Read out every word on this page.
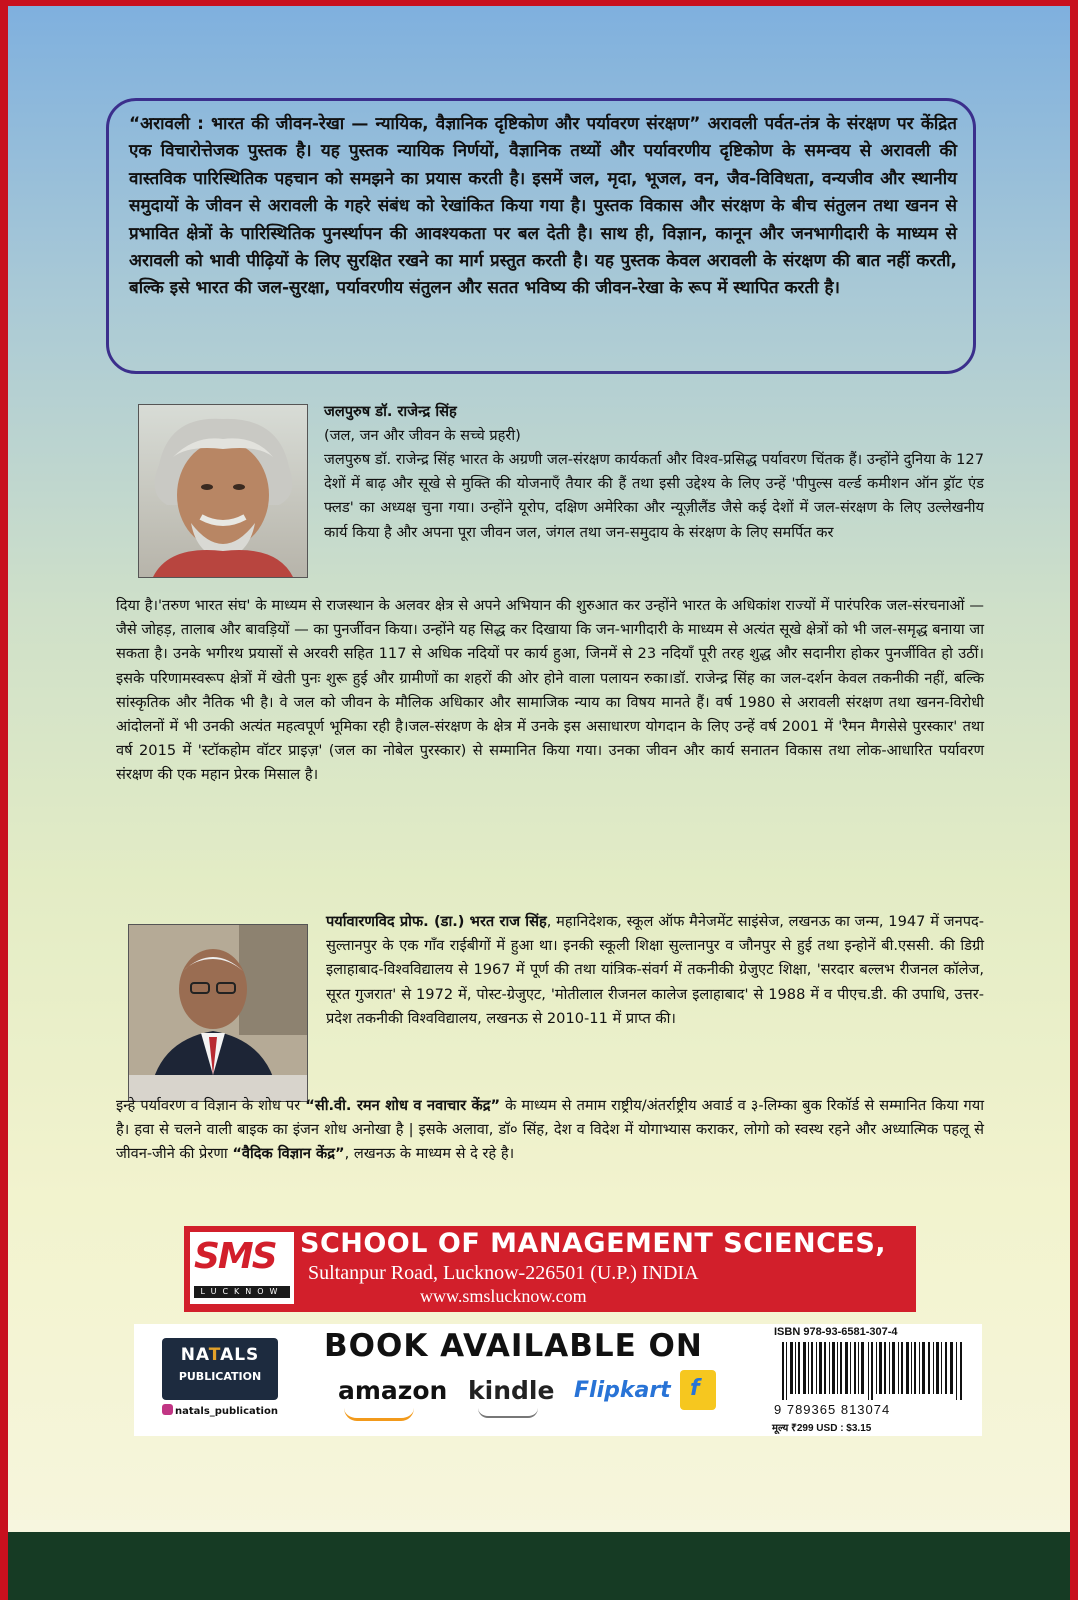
“अरावली : भारत की जीवन-रेखा — न्यायिक, वैज्ञानिक दृष्टिकोण और पर्यावरण संरक्षण” अरावली पर्वत-तंत्र के संरक्षण पर केंद्रित एक विचारोत्तेजक पुस्तक है। यह पुस्तक न्यायिक निर्णयों, वैज्ञानिक तथ्यों और पर्यावरणीय दृष्टिकोण के समन्वय से अरावली की वास्तविक पारिस्थितिक पहचान को समझने का प्रयास करती है। इसमें जल, मृदा, भूजल, वन, जैव-विविधता, वन्यजीव और स्थानीय समुदायों के जीवन से अरावली के गहरे संबंध को रेखांकित किया गया है। पुस्तक विकास और संरक्षण के बीच संतुलन तथा खनन से प्रभावित क्षेत्रों के पारिस्थितिक पुनर्स्थापन की आवश्यकता पर बल देती है। साथ ही, विज्ञान, कानून और जनभागीदारी के माध्यम से अरावली को भावी पीढ़ियों के लिए सुरक्षित रखने का मार्ग प्रस्तुत करती है। यह पुस्तक केवल अरावली के संरक्षण की बात नहीं करती, बल्कि इसे भारत की जल-सुरक्षा, पर्यावरणीय संतुलन और सतत भविष्य की जीवन-रेखा के रूप में स्थापित करती है।

जलपुरुष डॉ. राजेन्द्र सिंह

(जल, जन और जीवन के सच्चे प्रहरी)

जलपुरुष डॉ. राजेन्द्र सिंह भारत के अग्रणी जल-संरक्षण कार्यकर्ता और विश्व-प्रसिद्ध पर्यावरण चिंतक हैं। उन्होंने दुनिया के 127 देशों में बाढ़ और सूखे से मुक्ति की योजनाएँ तैयार की हैं तथा इसी उद्देश्य के लिए उन्हें 'पीपुल्स वर्ल्ड कमीशन ऑन ड्रॉट एंड फ्लड' का अध्यक्ष चुना गया। उन्होंने यूरोप, दक्षिण अमेरिका और न्यूज़ीलैंड जैसे कई देशों में जल-संरक्षण के लिए उल्लेखनीय कार्य किया है और अपना पूरा जीवन जल, जंगल तथा जन-समुदाय के संरक्षण के लिए समर्पित कर

दिया है।'तरुण भारत संघ' के माध्यम से राजस्थान के अलवर क्षेत्र से अपने अभियान की शुरुआत कर उन्होंने भारत के अधिकांश राज्यों में पारंपरिक जल-संरचनाओं — जैसे जोहड़, तालाब और बावड़ियों — का पुनर्जीवन किया। उन्होंने यह सिद्ध कर दिखाया कि जन-भागीदारी के माध्यम से अत्यंत सूखे क्षेत्रों को भी जल-समृद्ध बनाया जा सकता है। उनके भगीरथ प्रयासों से अरवरी सहित 117 से अधिक नदियों पर कार्य हुआ, जिनमें से 23 नदियाँ पूरी तरह शुद्ध और सदानीरा होकर पुनर्जीवित हो उठीं। इसके परिणामस्वरूप क्षेत्रों में खेती पुनः शुरू हुई और ग्रामीणों का शहरों की ओर होने वाला पलायन रुका।डॉ. राजेन्द्र सिंह का जल-दर्शन केवल तकनीकी नहीं, बल्कि सांस्कृतिक और नैतिक भी है। वे जल को जीवन के मौलिक अधिकार और सामाजिक न्याय का विषय मानते हैं। वर्ष 1980 से अरावली संरक्षण तथा खनन-विरोधी आंदोलनों में भी उनकी अत्यंत महत्वपूर्ण भूमिका रही है।जल-संरक्षण के क्षेत्र में उनके इस असाधारण योगदान के लिए उन्हें वर्ष 2001 में 'रैमन मैगसेसे पुरस्कार' तथा वर्ष 2015 में 'स्टॉकहोम वॉटर प्राइज़' (जल का नोबेल पुरस्कार) से सम्मानित किया गया। उनका जीवन और कार्य सनातन विकास तथा लोक-आधारित पर्यावरण संरक्षण की एक महान प्रेरक मिसाल है।

पर्यावारणविद प्रोफ. (डा.) भरत राज सिंह, महानिदेशक, स्कूल ऑफ मैनेजमेंट साइंसेज, लखनऊ का जन्म, 1947 में जनपद-सुल्तानपुर के एक गाँव राईबीगों में हुआ था। इनकी स्कूली शिक्षा सुल्तानपुर व जौनपुर से हुई तथा इन्होनें बी.एससी. की डिग्री इलाहाबाद-विश्वविद्यालय से 1967 में पूर्ण की तथा यांत्रिक-संवर्ग में तकनीकी ग्रेजुएट शिक्षा, 'सरदार बल्लभ रीजनल कॉलेज, सूरत गुजरात' से 1972 में, पोस्ट-ग्रेजुएट, 'मोतीलाल रीजनल कालेज इलाहाबाद' से 1988 में व पीएच.डी. की उपाधि, उत्तर-प्रदेश तकनीकी विश्वविद्यालय, लखनऊ से 2010-11 में प्राप्त की।

इन्हे पर्यावरण व विज्ञान के शोध पर “सी.वी. रमन शोध व नवाचार केंद्र” के माध्यम से तमाम राष्ट्रीय/अंतर्राष्ट्रीय अवार्ड व ३-लिम्का बुक रिकॉर्ड से सम्मानित किया गया है। हवा से चलने वाली बाइक का इंजन शोध अनोखा है | इसके अलावा, डॉ० सिंह, देश व विदेश में योगाभ्यास कराकर, लोगो को स्वस्थ रहने और अध्यात्मिक पहलू से जीवन-जीने की प्रेरणा “वैदिक विज्ञान केंद्र”, लखनऊ के माध्यम से दे रहे है।

SMS
LUCKNOW
SCHOOL OF MANAGEMENT SCIENCES,
Sultanpur Road, Lucknow-226501 (U.P.) INDIA
www.smslucknow.com
NATALS
PUBLICATION
natals_publication
BOOK AVAILABLE ON
amazon kindle Flipkart f
ISBN 978-93-6581-307-4
9 789365 813074
मूल्य ₹299 USD : $3.15
